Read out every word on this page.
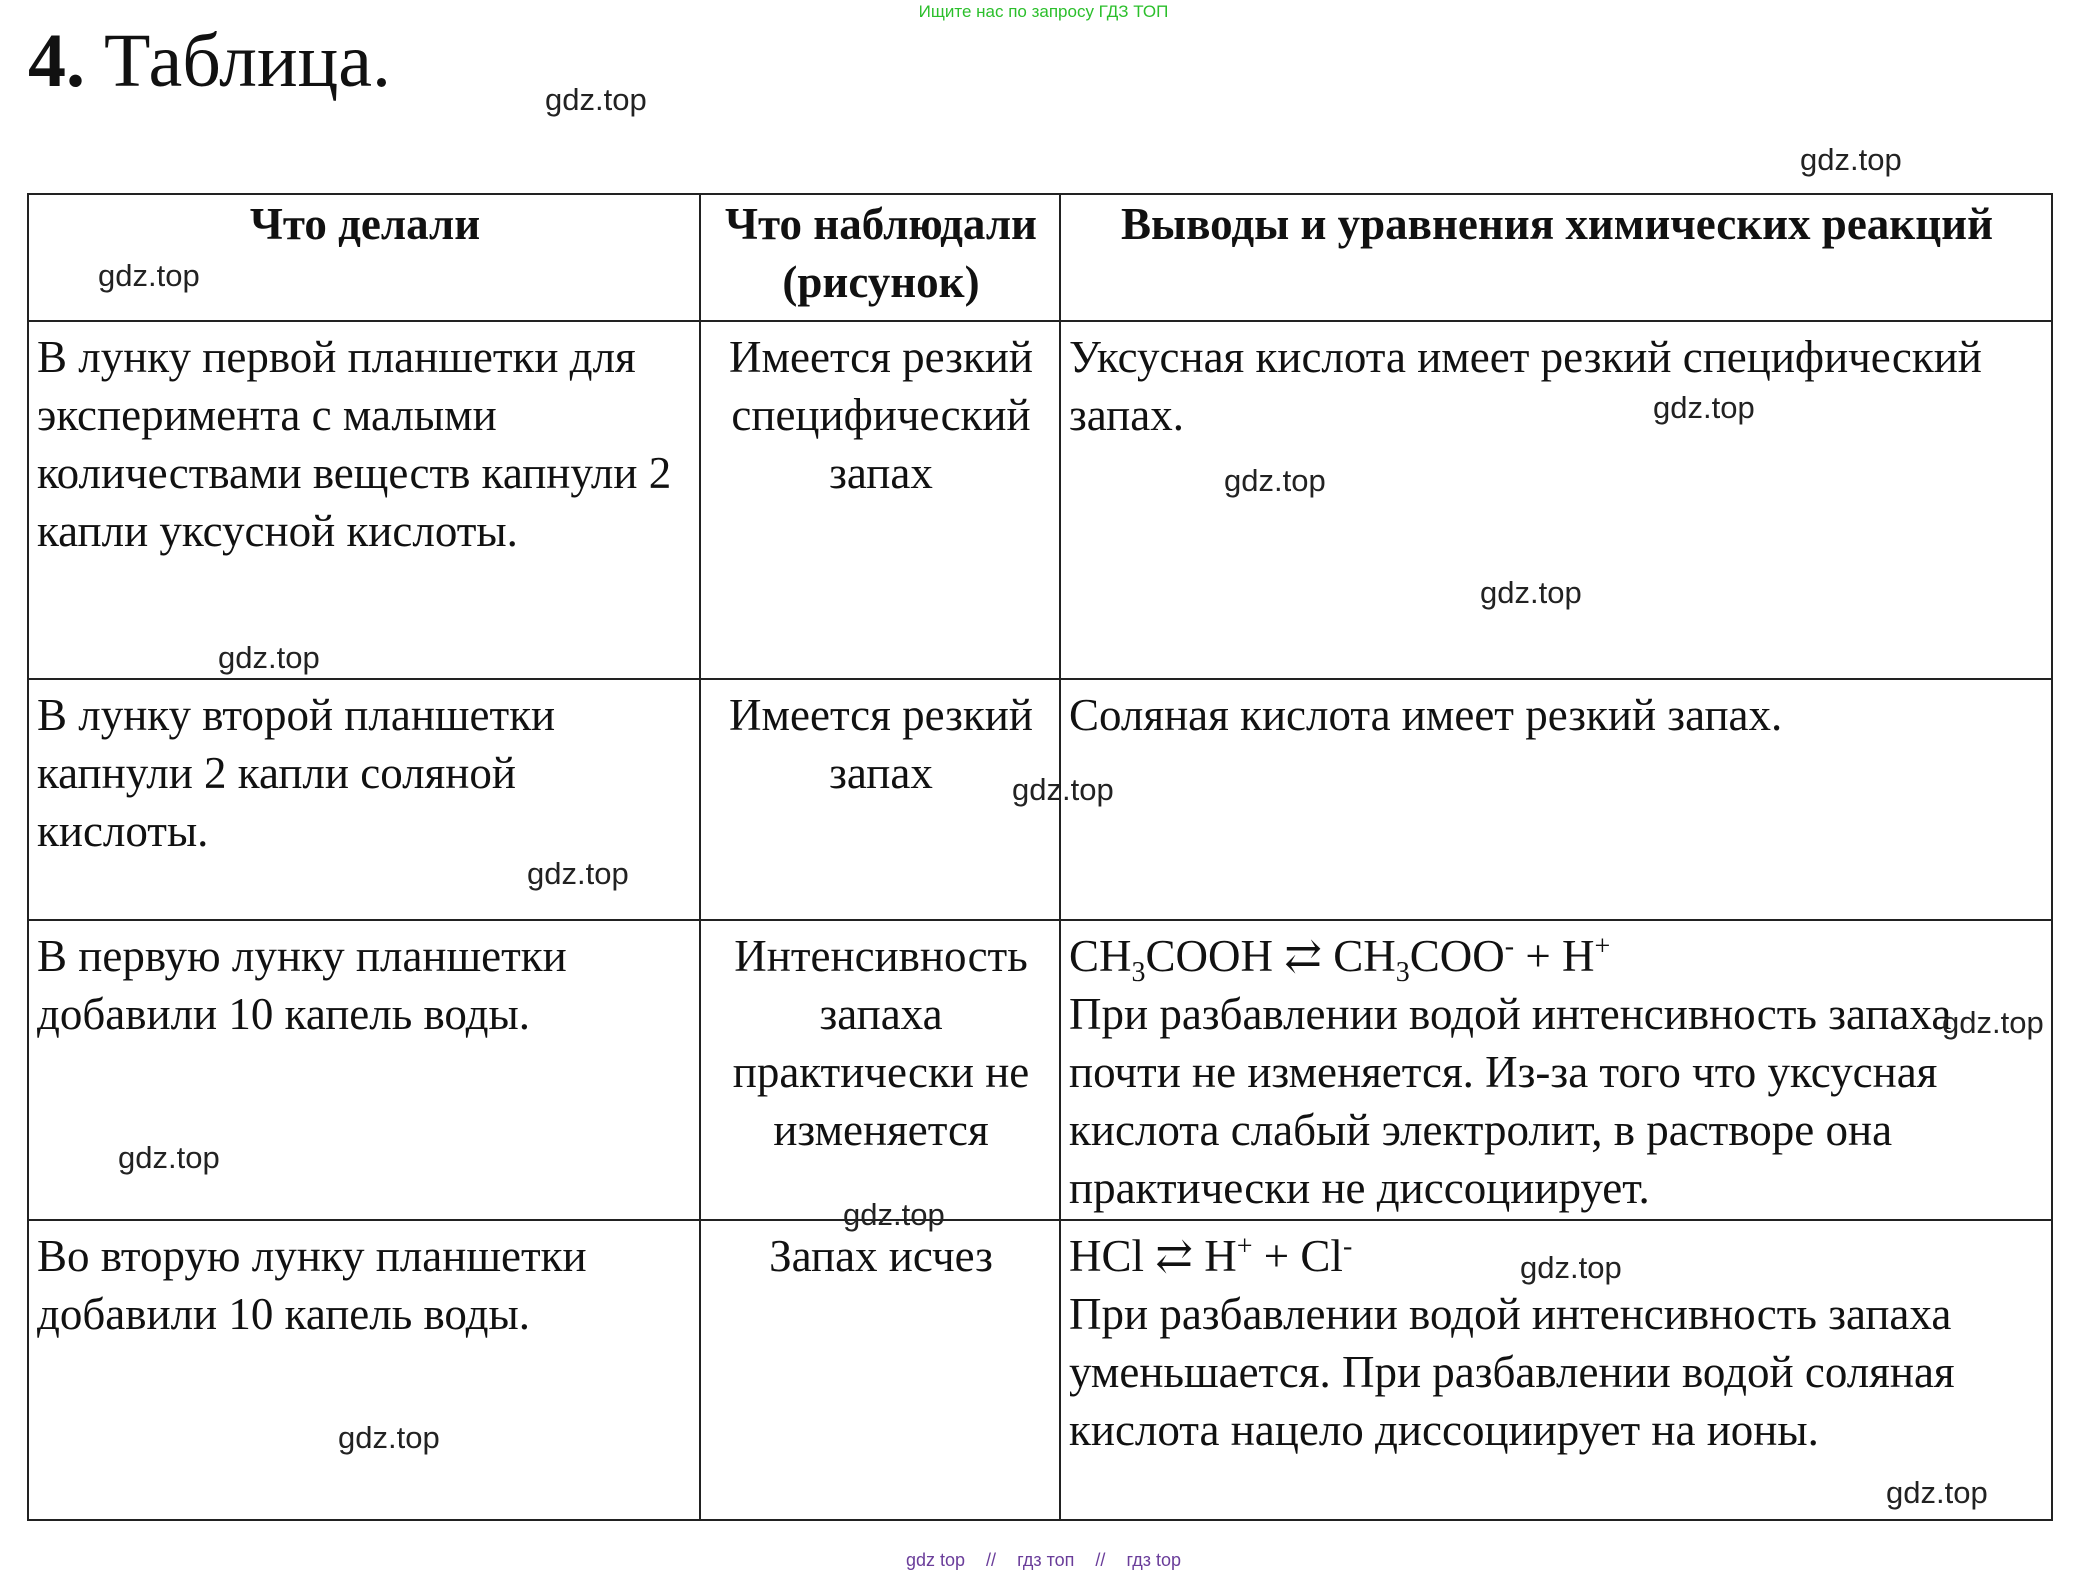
Ищите нас по запросу ГДЗ ТОП
4. Таблица.
Что делали	Что наблюдали (рисунок)	Выводы и уравнения химических реакций
В лунку первой планшетки для эксперимента с малыми количествами веществ капнули 2 капли уксусной кислоты.	Имеется резкий специфический запах	Уксусная кислота имеет резкий специфический запах.
В лунку второй планшетки капнули 2 капли соляной кислоты.	Имеется резкий запах	Соляная кислота имеет резкий запах.
В первую лунку планшетки добавили 10 капель воды.	Интенсивность запаха практически не изменяется	$CH_3COOH$ ⇄ $CH_3COO^- + H^+$
При разбавлении водой интенсивность запаха почти не изменяется. Из-за того что уксусная кислота слабый электролит, в растворе она практически не диссоциирует.

Во вторую лунку планшетки добавили 10 капель воды.	Запах исчез	HCl ⇄ H+ + Cl-
При разбавлении водой интенсивность запаха уменьшается. При разбавлении водой соляная кислота нацело диссоциирует на ионы.
gdz.top
gdz.top
gdz.top
gdz.top
gdz.top
gdz.top
gdz.top
gdz.top
gdz.top
gdz.top
gdz.top
gdz.top
gdz.top
gdz.top
gdz.top
gdz top // гдз топ // гдз top
